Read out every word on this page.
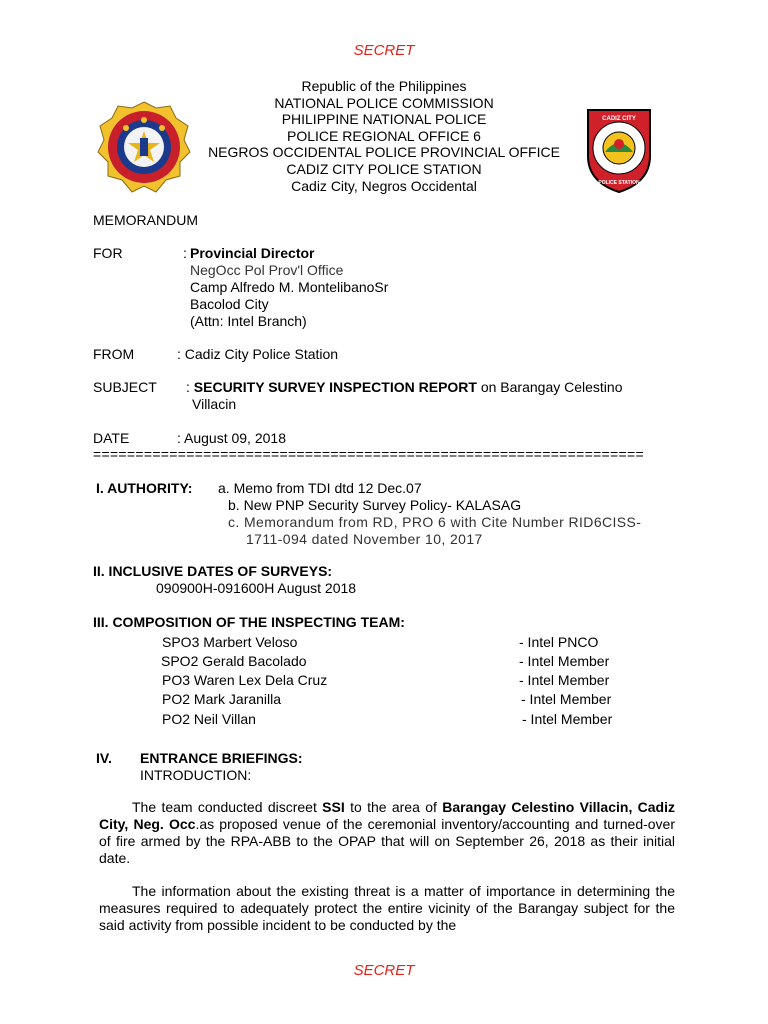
SECRET
CADIZ CITY
POLICE STATION
Republic of the Philippines
NATIONAL POLICE COMMISSION
PHILIPPINE NATIONAL POLICE
POLICE REGIONAL OFFICE 6
NEGROS OCCIDENTAL POLICE PROVINCIAL OFFICE
CADIZ CITY POLICE STATION
Cadiz City, Negros Occidental
MEMORANDUM
FOR	: Provincial Director
NegOcc Pol Prov'l Office
Camp Alfredo M. MontelibanoSr
Bacolod City
(Attn: Intel Branch)
FROM	: Cadiz City Police Station
SUBJECT : SECURITY SURVEY INSPECTION REPORT on Barangay Celestino
Villacin
DATE	: August 09, 2018
=================================================================
I. AUTHORITY: a. Memo from TDI dtd 12 Dec.07
b. New PNP Security Survey Policy- KALASAG
c. Memorandum from RD, PRO 6 with Cite Number RID6CISS-
1711-094 dated November 10, 2017
II. INCLUSIVE DATES OF SURVEYS:
090900H-091600H August 2018
III. COMPOSITION OF THE INSPECTING TEAM:
SPO3 Marbert Veloso	- Intel PNCO
SPO2 Gerald Bacolado	- Intel Member
PO3 Waren Lex Dela Cruz	- Intel Member
PO2 Mark Jaranilla	- Intel Member
PO2 Neil Villan	- Intel Member
IV. ENTRANCE BRIEFINGS:
INTRODUCTION:
The team conducted discreet SSI to the area of Barangay Celestino Villacin, Cadiz City, Neg. Occ.as proposed venue of the ceremonial inventory/accounting and turned-over of fire armed by the RPA-ABB to the OPAP that will on September 26, 2018 as their initial date.
The information about the existing threat is a matter of importance in determining the measures required to adequately protect the entire vicinity of the Barangay subject for the said activity from possible incident to be conducted by the
SECRET
